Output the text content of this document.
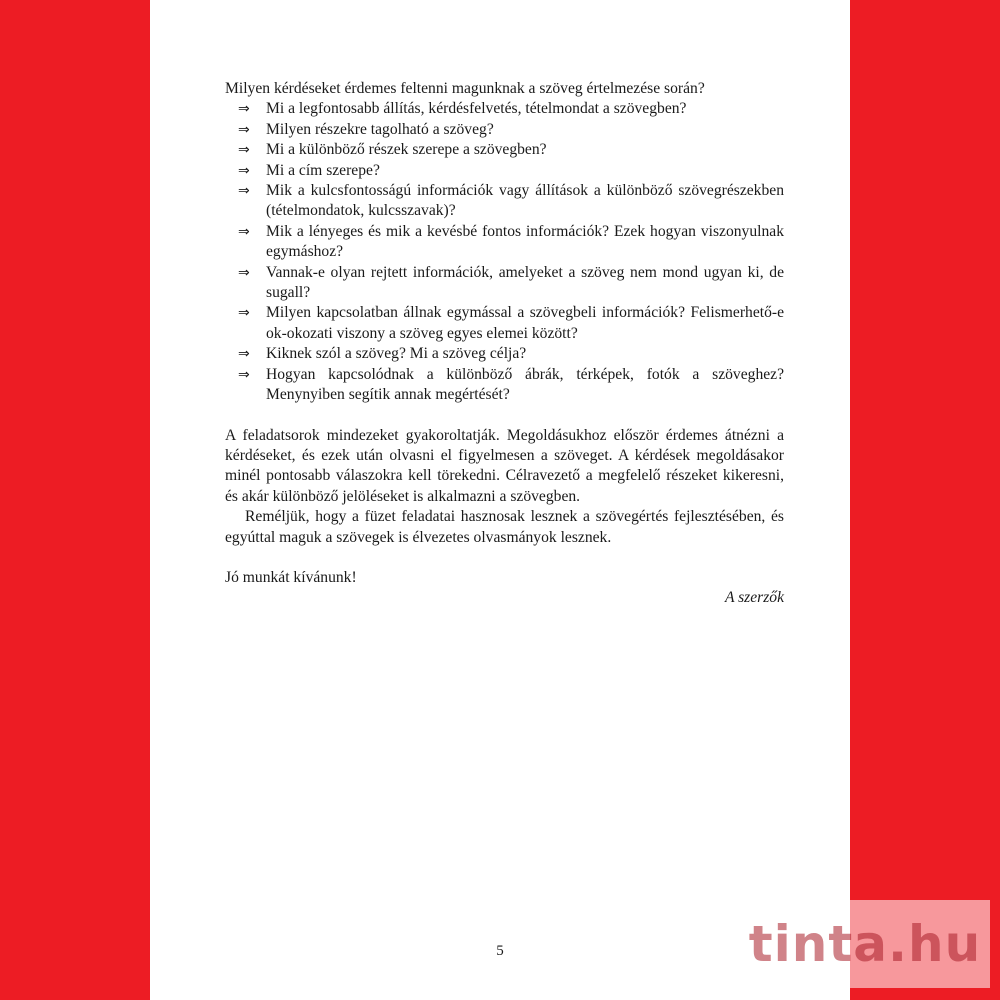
Milyen kérdéseket érdemes feltenni magunknak a szöveg értelmezése során?

⇒ Mi a legfontosabb állítás, kérdésfelvetés, tételmondat a szövegben?
⇒ Milyen részekre tagolható a szöveg?
⇒ Mi a különböző részek szerepe a szövegben?
⇒ Mi a cím szerepe?
⇒ Mik a kulcsfontosságú információk vagy állítások a különböző szövegrészekben (tételmondatok, kulcsszavak)?
⇒ Mik a lényeges és mik a kevésbé fontos információk? Ezek hogyan viszonyulnak egymáshoz?
⇒ Vannak-e olyan rejtett információk, amelyeket a szöveg nem mond ugyan ki, de sugall?
⇒ Milyen kapcsolatban állnak egymással a szövegbeli információk? Felismerhető-e ok-okozati viszony a szöveg egyes elemei között?
⇒ Kiknek szól a szöveg? Mi a szöveg célja?
⇒ Hogyan kapcsolódnak a különböző ábrák, térképek, fotók a szöveghez? Menynyiben segítik annak megértését?

A feladatsorok mindezeket gyakoroltatják. Megoldásukhoz először érdemes átnézni a kérdéseket, és ezek után olvasni el figyelmesen a szöveget. A kérdések megoldásakor minél pontosabb válaszokra kell törekedni. Célravezető a megfelelő részeket kikeresni, és akár különböző jelöléseket is alkalmazni a szövegben.

Reméljük, hogy a füzet feladatai hasznosak lesznek a szövegértés fejlesztésében, és egyúttal maguk a szövegek is élvezetes olvasmányok lesznek.

Jó munkát kívánunk!

A szerzők

5	tinta.hu
